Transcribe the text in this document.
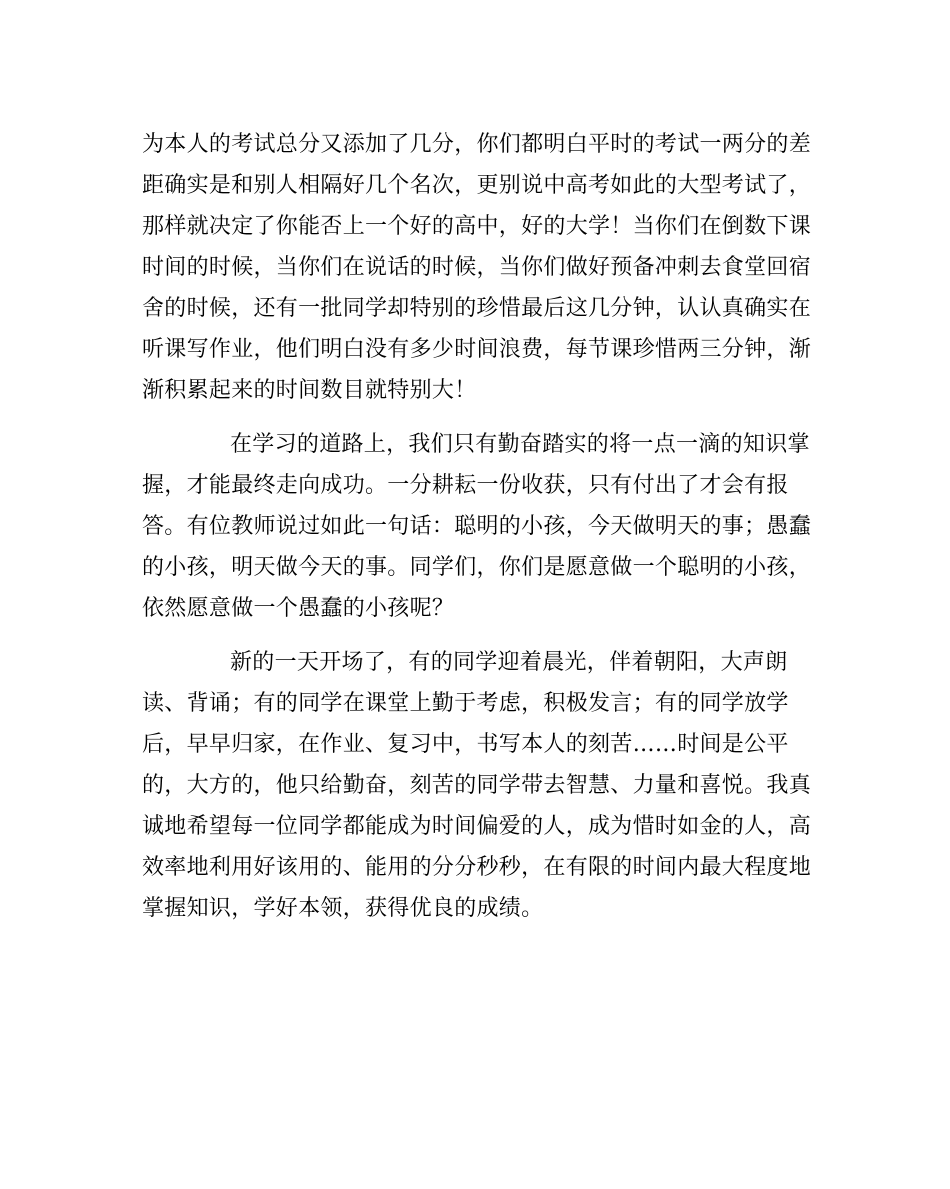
为本人的考试总分又添加了几分，你们都明白平时的考试一两分的差
距确实是和别人相隔好几个名次，更别说中高考如此的大型考试了，
那样就决定了你能否上一个好的高中，好的大学！当你们在倒数下课
时间的时候，当你们在说话的时候，当你们做好预备冲刺去食堂回宿
舍的时候，还有一批同学却特别的珍惜最后这几分钟，认认真确实在
听课写作业，他们明白没有多少时间浪费，每节课珍惜两三分钟，渐
渐积累起来的时间数目就特别大！
在学习的道路上，我们只有勤奋踏实的将一点一滴的知识掌
握，才能最终走向成功。一分耕耘一份收获，只有付出了才会有报
答。有位教师说过如此一句话：聪明的小孩，今天做明天的事；愚蠢
的小孩，明天做今天的事。同学们，你们是愿意做一个聪明的小孩，
依然愿意做一个愚蠢的小孩呢？
新的一天开场了，有的同学迎着晨光，伴着朝阳，大声朗
读、背诵；有的同学在课堂上勤于考虑，积极发言；有的同学放学
后，早早归家，在作业、复习中，书写本人的刻苦……时间是公平
的，大方的，他只给勤奋，刻苦的同学带去智慧、力量和喜悦。我真
诚地希望每一位同学都能成为时间偏爱的人，成为惜时如金的人，高
效率地利用好该用的、能用的分分秒秒，在有限的时间内最大程度地
掌握知识，学好本领，获得优良的成绩。
